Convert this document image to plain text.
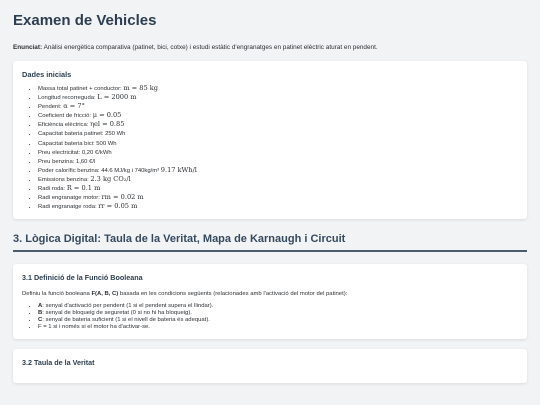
Examen de Vehicles
Enunciat: Anàlisi energètica comparativa (patinet, bici, cotxe) i estudi estàtic d'engranatges en patinet elèctric aturat en pendent.
Dades inicials
• Massa total patinet + conductor: m = 85 kg
• Longitud recorreguda: L = 2000 m
• Pendent: α = 7°
• Coeficient de fricció: μ = 0.05
• Eficiència elèctrica: ηel = 0.85
• Capacitat bateria patinet: 250 Wh
• Capacitat bateria bici: 500 Wh
• Preu electricitat: 0,20 €/kWh
• Preu benzina: 1,60 €/l
• Poder calorífic benzina: 44.6 MJ/kg i 740kg/m³ 9.17 kWh/l
• Emissions benzina: 2.3 kg CO₂/l
• Radi roda: R = 0.1 m
• Radi engranatge motor: rm = 0.02 m
• Radi engranatge roda: rr = 0.05 m
3. Lògica Digital: Taula de la Veritat, Mapa de Karnaugh i Circuit
3.1 Definició de la Funció Booleana

Definiu la funció booleana F(A, B, C) basada en les condicions següents (relacionades amb l'activació del motor del patinet):

• A: senyal d'activació per pendent (1 si el pendent supera el llindar).
• B: senyal de bloqueig de seguretat (0 si no hi ha bloqueig).
• C: senyal de bateria suficient (1 si el nivell de bateria és adequat).
• F = 1 si i només si el motor ha d'activar-se.
3.2 Taula de la Veritat
